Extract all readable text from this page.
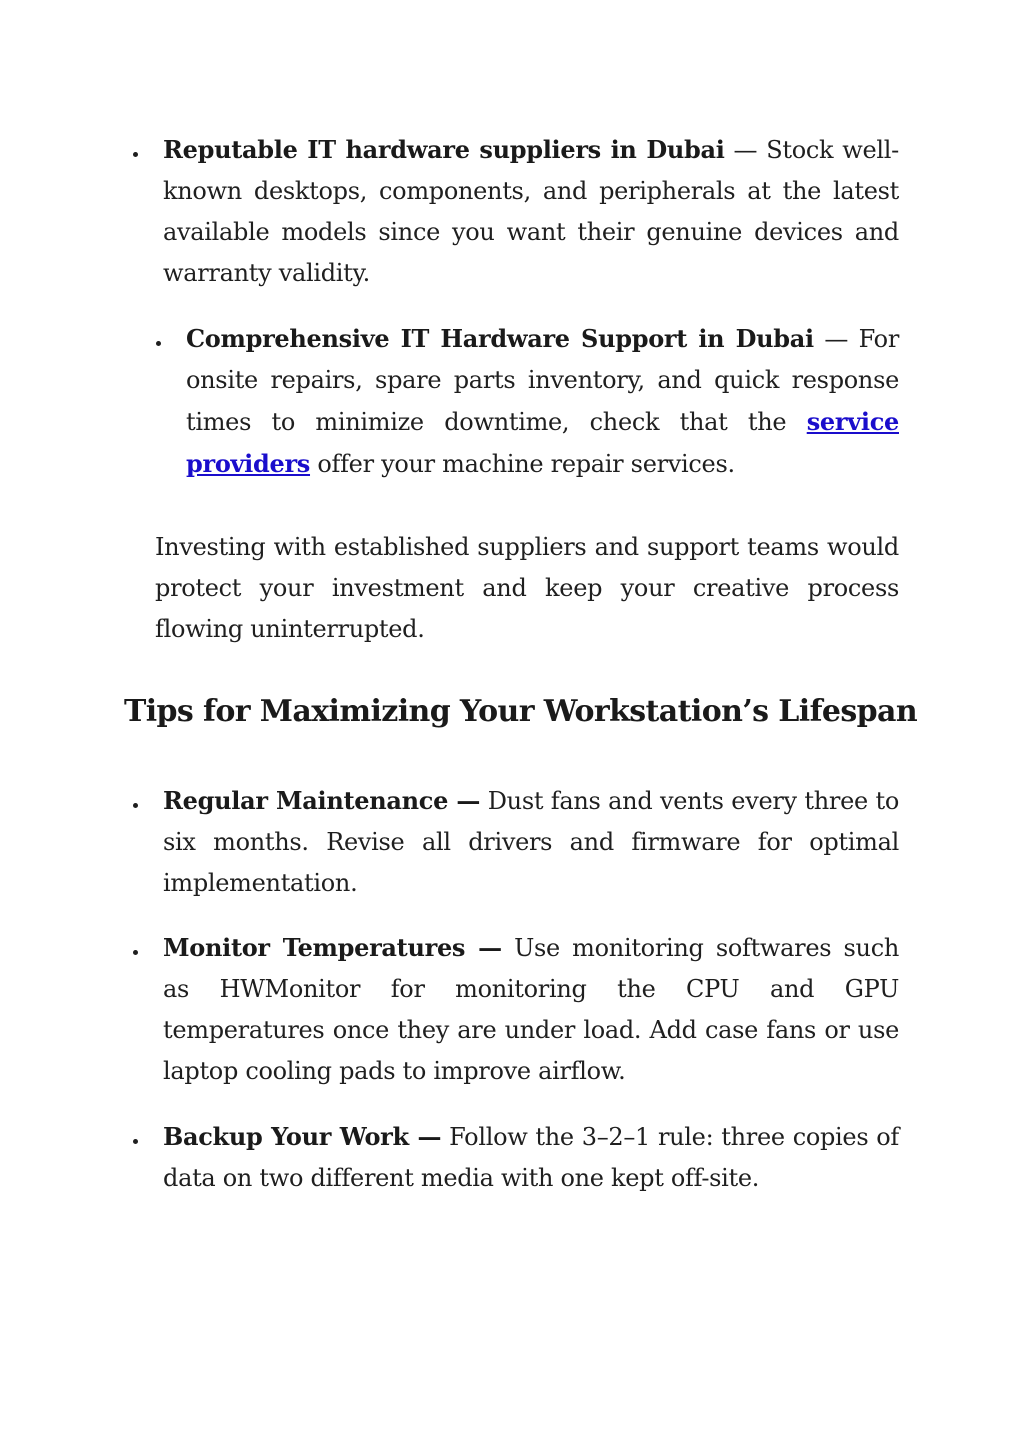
Reputable IT hardware suppliers in Dubai — Stock well-known desktops, components, and peripherals at the latest available models since you want their genuine devices and warranty validity.
Comprehensive IT Hardware Support in Dubai — For onsite repairs, spare parts inventory, and quick response times to minimize downtime, check that the service providers offer your machine repair services.

Investing with established suppliers and support teams would protect your investment and keep your creative process flowing uninterrupted.

Tips for Maximizing Your Workstation’s Lifespan
Regular Maintenance — Dust fans and vents every three to six months. Revise all drivers and firmware for optimal implementation.
Monitor Temperatures — Use monitoring softwares such as HWMonitor for monitoring the CPU and GPU temperatures once they are under load. Add case fans or use laptop cooling pads to improve airflow.
Backup Your Work — Follow the 3–2–1 rule: three copies of data on two different media with one kept off-site.
